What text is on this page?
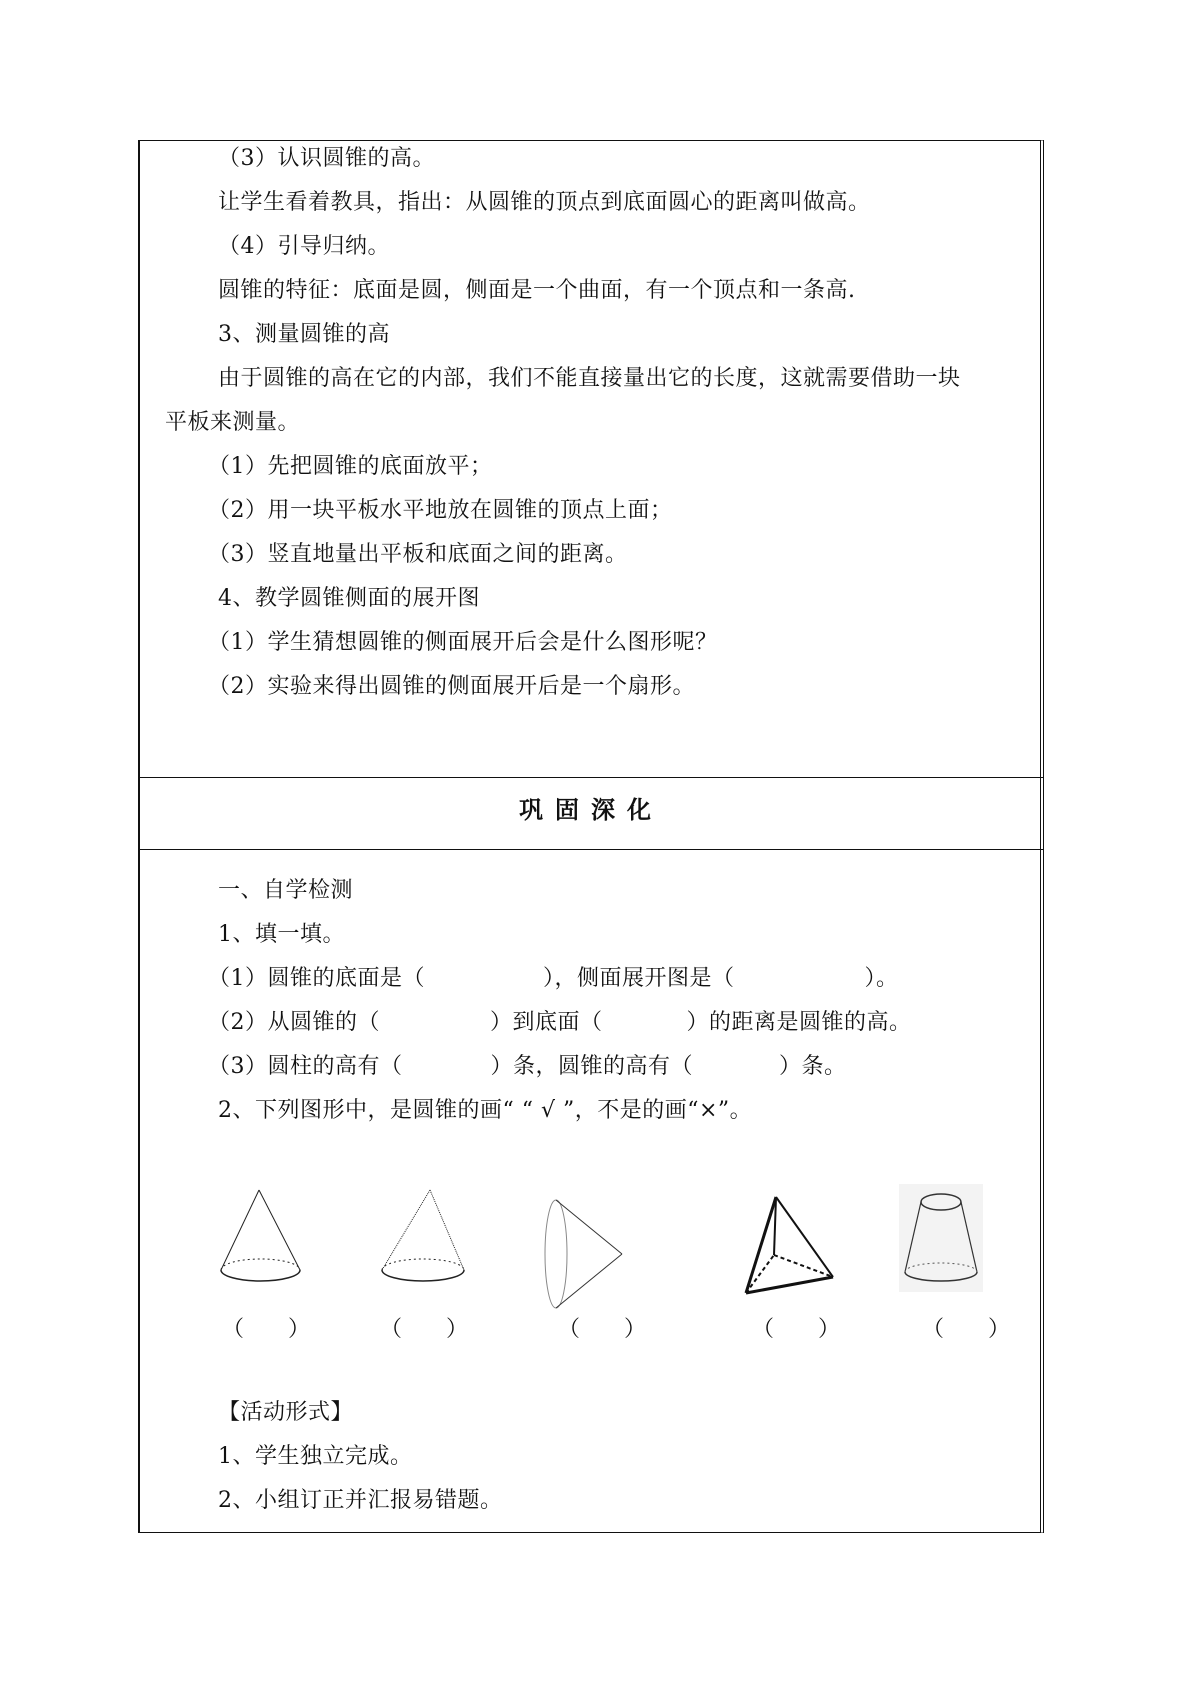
（3）认识圆锥的高。
让学生看着教具，指出：从圆锥的顶点到底面圆心的距离叫做高。
（4）引导归纳。
圆锥的特征：底面是圆，侧面是一个曲面，有一个顶点和一条高.
3、测量圆锥的高
由于圆锥的高在它的内部，我们不能直接量出它的长度，这就需要借助一块
平板来测量。
（1）先把圆锥的底面放平；
（2）用一块平板水平地放在圆锥的顶点上面；
（3）竖直地量出平板和底面之间的距离。
4、教学圆锥侧面的展开图
（1）学生猜想圆锥的侧面展开后会是什么图形呢？
（2）实验来得出圆锥的侧面展开后是一个扇形。
巩固深化
一、自学检测
1、填一填。
（1）圆锥的底面是（	），侧面展开图是（	）。
（2）从圆锥的（	）到底面（	）的距离是圆锥的高。
（3）圆柱的高有（	）条，圆锥的高有（	）条。
2、下列图形中，是圆锥的画“ “ √ ”，不是的画“×”。
（　　）	（　　）	（　　）	（　　）	（　　）
【活动形式】
1、学生独立完成。
2、小组订正并汇报易错题。
